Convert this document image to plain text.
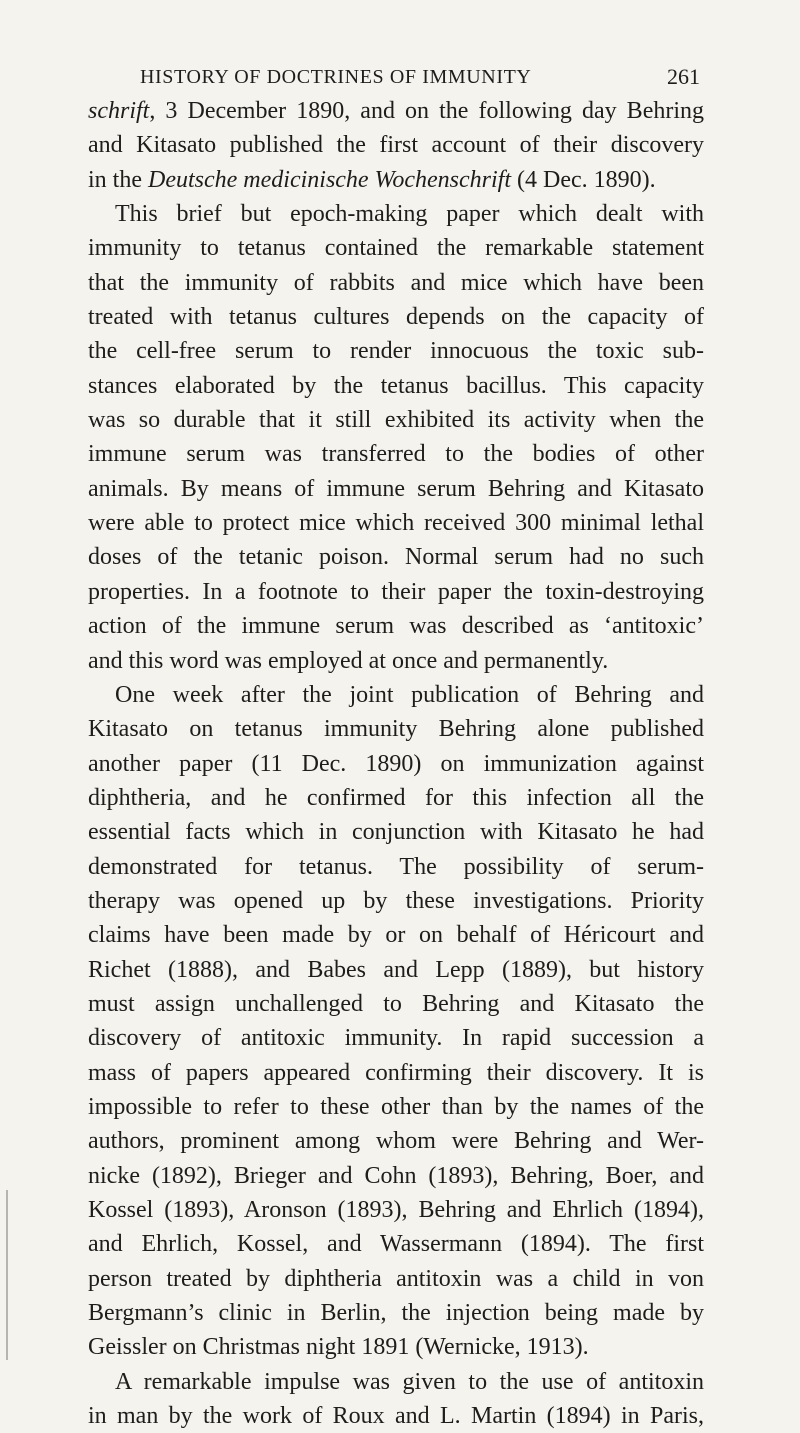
HISTORY OF DOCTRINES OF IMMUNITY	261
schrift, 3 December 1890, and on the following day Behring
and Kitasato published the first account of their discovery
in the Deutsche medicinische Wochenschrift (4 Dec. 1890).
This brief but epoch-making paper which dealt with
immunity to tetanus contained the remarkable statement
that the immunity of rabbits and mice which have been
treated with tetanus cultures depends on the capacity of
the cell-free serum to render innocuous the toxic sub-
stances elaborated by the tetanus bacillus. This capacity
was so durable that it still exhibited its activity when the
immune serum was transferred to the bodies of other
animals. By means of immune serum Behring and Kitasato
were able to protect mice which received 300 minimal lethal
doses of the tetanic poison. Normal serum had no such
properties. In a footnote to their paper the toxin-destroying
action of the immune serum was described as ‘antitoxic’
and this word was employed at once and permanently.
One week after the joint publication of Behring and
Kitasato on tetanus immunity Behring alone published
another paper (11 Dec. 1890) on immunization against
diphtheria, and he confirmed for this infection all the
essential facts which in conjunction with Kitasato he had
demonstrated for tetanus. The possibility of serum-
therapy was opened up by these investigations. Priority
claims have been made by or on behalf of Héricourt and
Richet (1888), and Babes and Lepp (1889), but history
must assign unchallenged to Behring and Kitasato the
discovery of antitoxic immunity. In rapid succession a
mass of papers appeared confirming their discovery. It is
impossible to refer to these other than by the names of the
authors, prominent among whom were Behring and Wer-
nicke (1892), Brieger and Cohn (1893), Behring, Boer, and
Kossel (1893), Aronson (1893), Behring and Ehrlich (1894),
and Ehrlich, Kossel, and Wassermann (1894). The first
person treated by diphtheria antitoxin was a child in von
Bergmann’s clinic in Berlin, the injection being made by
Geissler on Christmas night 1891 (Wernicke, 1913).
A remarkable impulse was given to the use of antitoxin
in man by the work of Roux and L. Martin (1894) in Paris,
